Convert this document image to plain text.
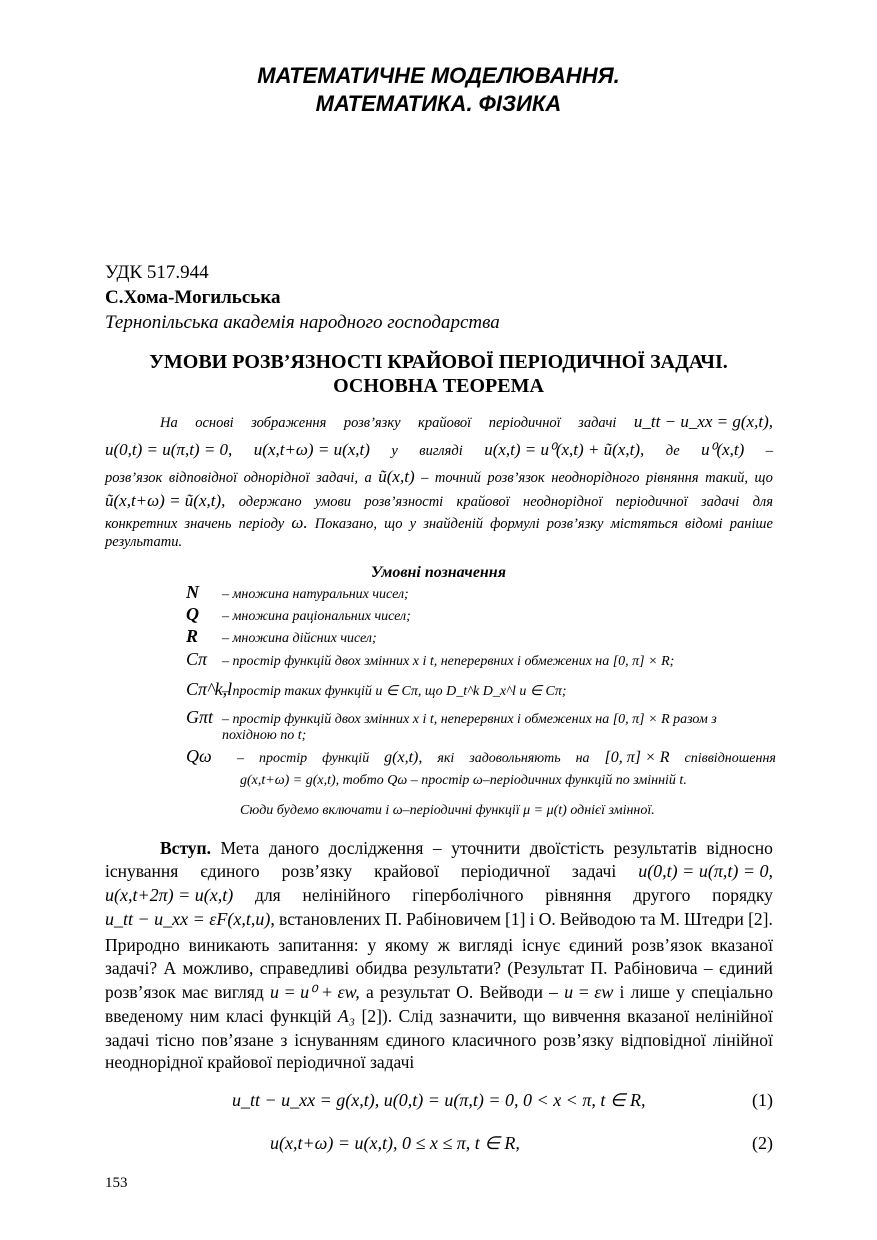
МАТЕМАТИЧНЕ МОДЕЛЮВАННЯ.
МАТЕМАТИКА. ФІЗИКА
УДК 517.944
С.Хома-Могильська
Тернопільська академія народного господарства
УМОВИ РОЗВ’ЯЗНОСТІ КРАЙОВОЇ ПЕРІОДИЧНОЇ ЗАДАЧІ.
ОСНОВНА ТЕОРЕМА
На основі зображення розв’язку крайової періодичної задачі u_tt − u_xx = g(x,t),
u(0,t) = u(π,t) = 0, u(x,t+ω) = u(x,t) у вигляді u(x,t) = u⁰(x,t) + ũ(x,t), де u⁰(x,t) –
розв’язок відповідної однорідної задачі, а ũ(x,t) – точний розв’язок неоднорідного рівняння такий, що
ũ(x,t+ω) = ũ(x,t), одержано умови розв’язності крайової неоднорідної періодичної задачі для
конкретних значень періоду ω. Показано, що у знайденій формулі розв’язку містяться відомі раніше
результати.
Умовні позначення
N – множина натуральних чисел;
Q – множина раціональних чисел;
R – множина дійсних чисел;
Cπ – простір функцій двох змінних x і t, неперервних і обмежених на [0, π] × R;
Cπ^k,l– простір таких функцій u ∈ Cπ, що D_t^k D_x^l u ∈ Cπ;
Gπt – простір функцій двох змінних x і t, неперервних і обмежених на [0, π] × R разом з
похідною по t;
Qω	– простір функцій g(x,t), які задовольняють на [0, π] × R співвідношення
g(x,t+ω) = g(x,t), тобто Qω – простір ω–періодичних функцій по змінній t.
Сюди будемо включати і ω–періодичні функції μ = μ(t) однієї змінної.
Вступ. Мета даного дослідження – уточнити двоїстість результатів відносно
існування єдиного розв’язку крайової періодичної задачі u(0,t) = u(π,t) = 0,
u(x,t+2π) = u(x,t) для нелінійного гіперболічного рівняння другого порядку
u_tt − u_xx = εF(x,t,u), встановлених П. Рабіновичем [1] і О. Вейводою та М. Штедри [2].
Природно виникають запитання: у якому ж вигляді існує єдиний розв’язок вказаної
задачі? А можливо, справедливі обидва результати? (Результат П. Рабіновича – єдиний
розв’язок має вигляд u = u⁰ + εw, а результат О. Вейводи – u = εw і лише у спеціально
введеному ним класі функцій A₃ [2]). Слід зазначити, що вивчення вказаної нелінійної
задачі тісно пов’язане з існуванням єдиного класичного розв’язку відповідної лінійної
неоднорідної крайової періодичної задачі
u_tt − u_xx = g(x,t), u(0,t) = u(π,t) = 0, 0 < x < π, t ∈ R,	(1)
u(x,t+ω) = u(x,t), 0 ≤ x ≤ π, t ∈ R,	(2)
153
